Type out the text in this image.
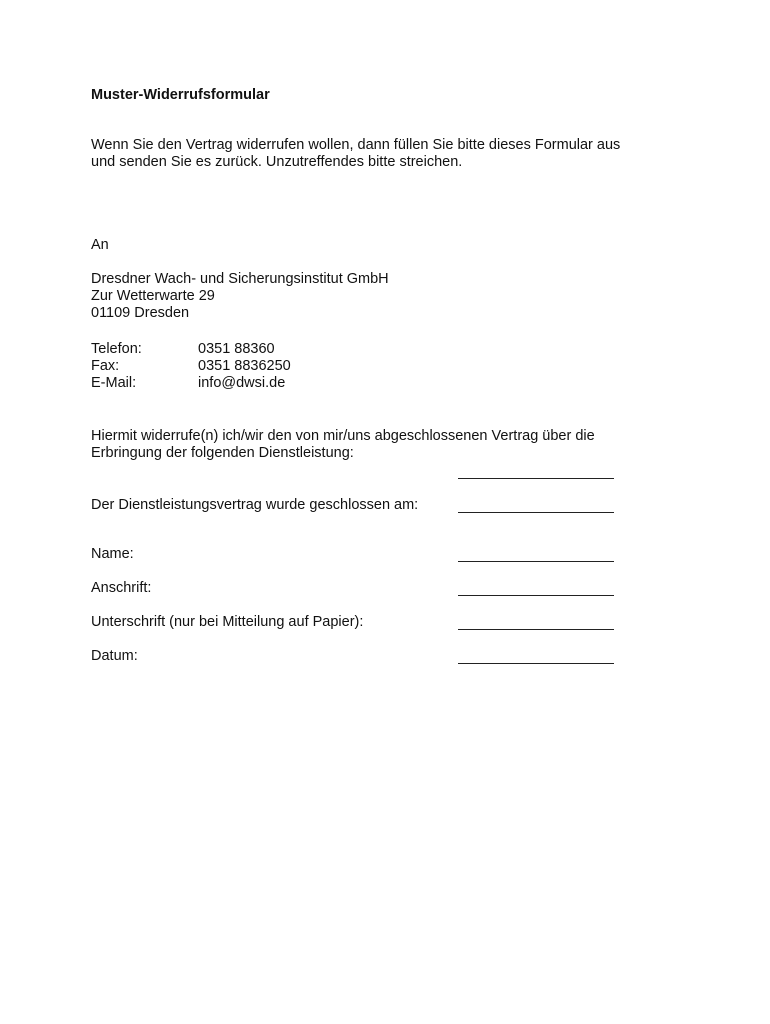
Muster-Widerrufsformular
Wenn Sie den Vertrag widerrufen wollen, dann füllen Sie bitte dieses Formular aus
und senden Sie es zurück. Unzutreffendes bitte streichen.
An
Dresdner Wach- und Sicherungsinstitut GmbH
Zur Wetterwarte 29
01109 Dresden
Telefon:	0351 88360
Fax:	0351 8836250
E-Mail:	info@dwsi.de
Hiermit widerrufe(n) ich/wir den von mir/uns abgeschlossenen Vertrag über die
Erbringung der folgenden Dienstleistung:
Der Dienstleistungsvertrag wurde geschlossen am:
Name:
Anschrift:
Unterschrift (nur bei Mitteilung auf Papier):
Datum:
